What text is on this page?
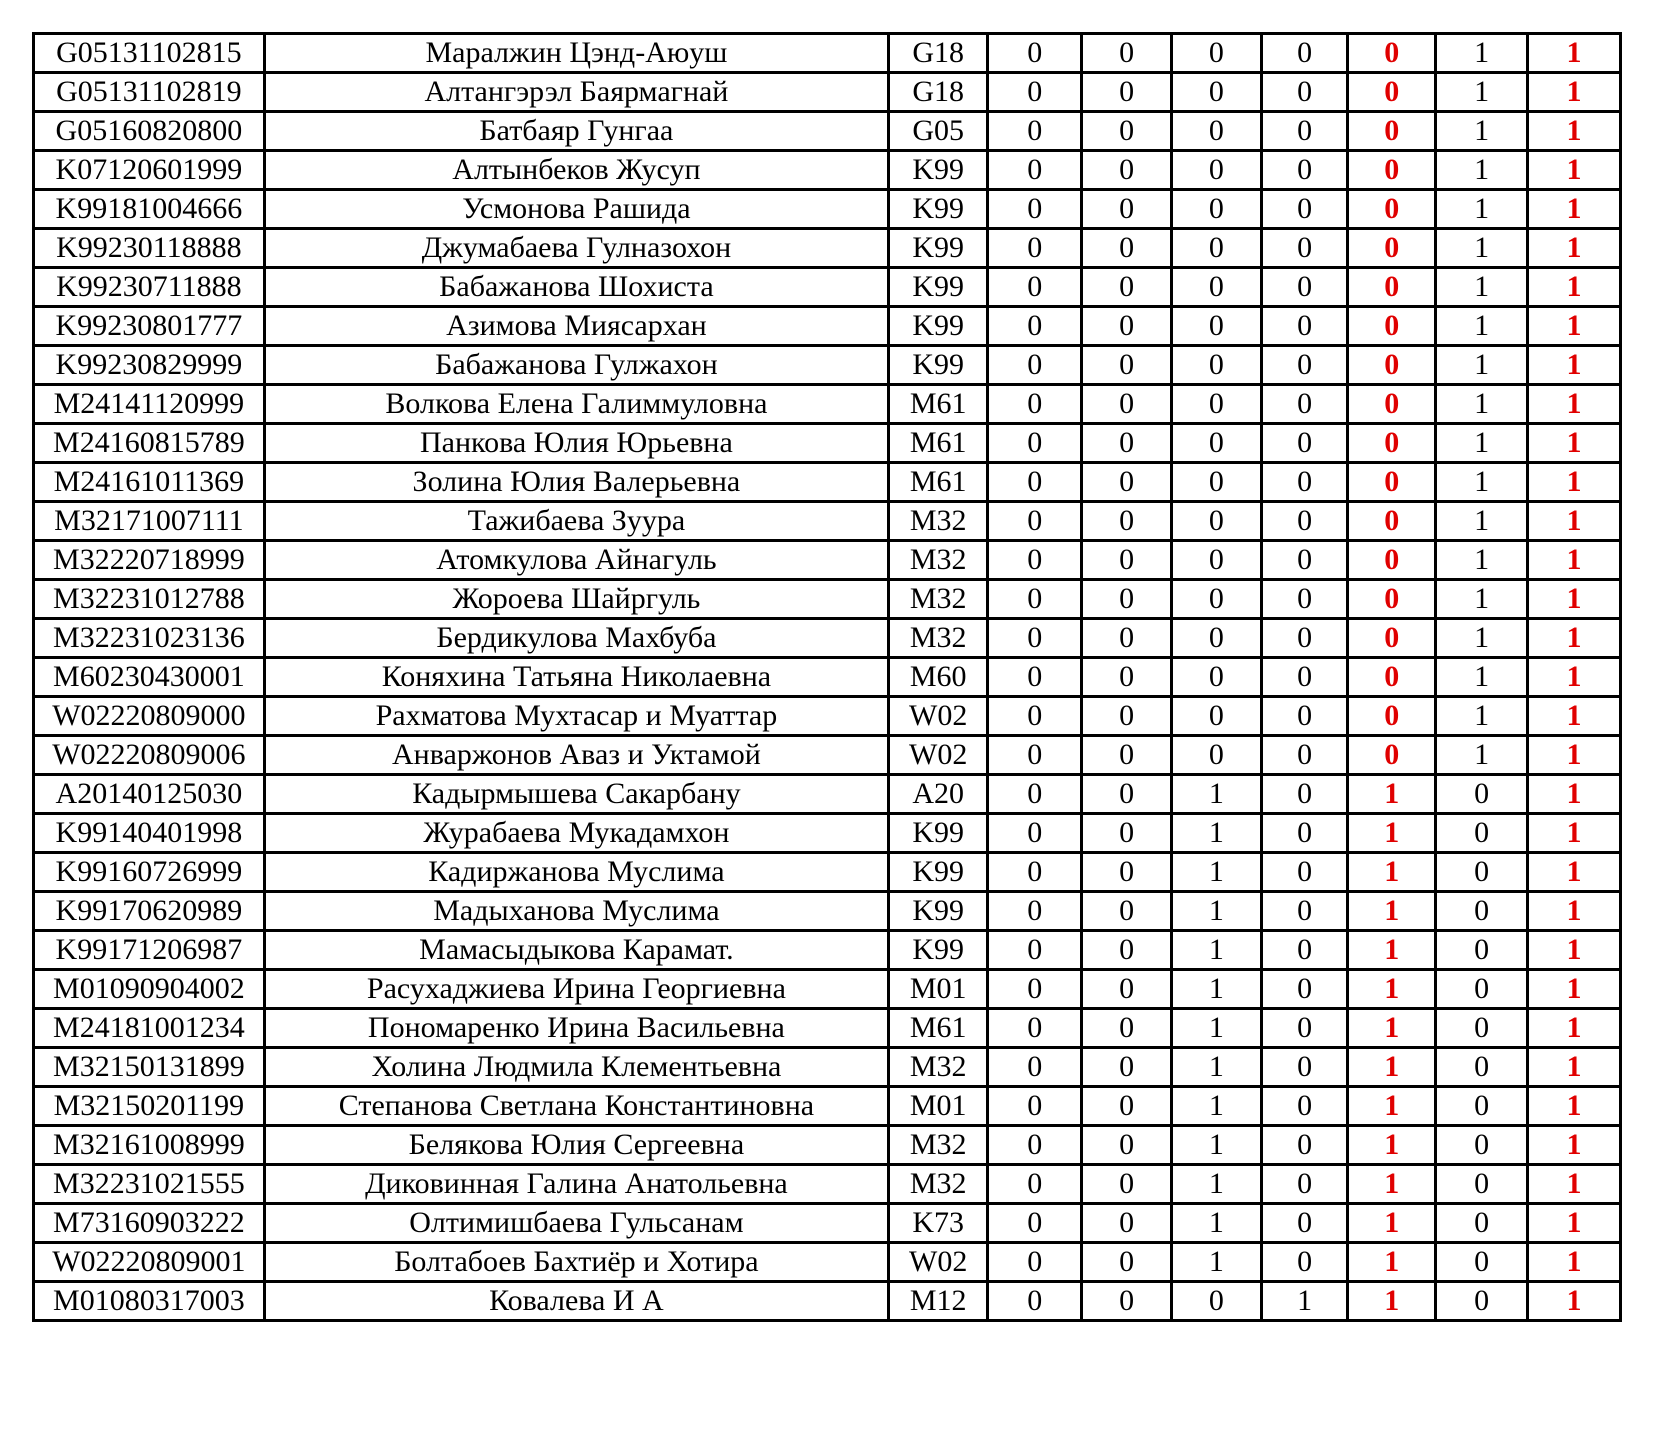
G05131102815	Маралжин Цэнд-Аюуш	G18	0	0	0	0	0	1	1
G05131102819	Алтангэрэл Баярмагнай	G18	0	0	0	0	0	1	1
G05160820800	Батбаяр Гунгаа	G05	0	0	0	0	0	1	1
K07120601999	Алтынбеков Жусуп	K99	0	0	0	0	0	1	1
K99181004666	Усмонова Рашида	K99	0	0	0	0	0	1	1
K99230118888	Джумабаева Гулназохон	K99	0	0	0	0	0	1	1
K99230711888	Бабажанова Шохиста	K99	0	0	0	0	0	1	1
K99230801777	Азимова Миясархан	K99	0	0	0	0	0	1	1
K99230829999	Бабажанова Гулжахон	K99	0	0	0	0	0	1	1
M24141120999	Волкова Елена Галиммуловна	M61	0	0	0	0	0	1	1
M24160815789	Панкова Юлия Юрьевна	M61	0	0	0	0	0	1	1
M24161011369	Золина Юлия Валерьевна	M61	0	0	0	0	0	1	1
M32171007111	Тажибаева Зуура	M32	0	0	0	0	0	1	1
M32220718999	Атомкулова Айнагуль	M32	0	0	0	0	0	1	1
M32231012788	Жороева Шайргуль	M32	0	0	0	0	0	1	1
M32231023136	Бердикулова Махбуба	M32	0	0	0	0	0	1	1
M60230430001	Коняхина Татьяна Николаевна	M60	0	0	0	0	0	1	1
W02220809000	Рахматова Мухтасар и Муаттар	W02	0	0	0	0	0	1	1
W02220809006	Анваржонов Аваз и Уктамой	W02	0	0	0	0	0	1	1
A20140125030	Кадырмышева Сакарбану	A20	0	0	1	0	1	0	1
K99140401998	Журабаева Мукадамхон	K99	0	0	1	0	1	0	1
K99160726999	Кадиржанова Муслима	K99	0	0	1	0	1	0	1
K99170620989	Мадыханова Муслима	K99	0	0	1	0	1	0	1
K99171206987	Мамасыдыкова Карамат.	K99	0	0	1	0	1	0	1
M01090904002	Расухаджиева Ирина Георгиевна	M01	0	0	1	0	1	0	1
M24181001234	Пономаренко Ирина Васильевна	M61	0	0	1	0	1	0	1
M32150131899	Холина Людмила Клементьевна	M32	0	0	1	0	1	0	1
M32150201199	Степанова Светлана Константиновна	M01	0	0	1	0	1	0	1
M32161008999	Белякова Юлия Сергеевна	M32	0	0	1	0	1	0	1
M32231021555	Диковинная Галина Анатольевна	M32	0	0	1	0	1	0	1
M73160903222	Олтимишбаева Гульсанам	K73	0	0	1	0	1	0	1
W02220809001	Болтабоев Бахтиёр и Хотира	W02	0	0	1	0	1	0	1
M01080317003	Ковалева И А	M12	0	0	0	1	1	0	1
